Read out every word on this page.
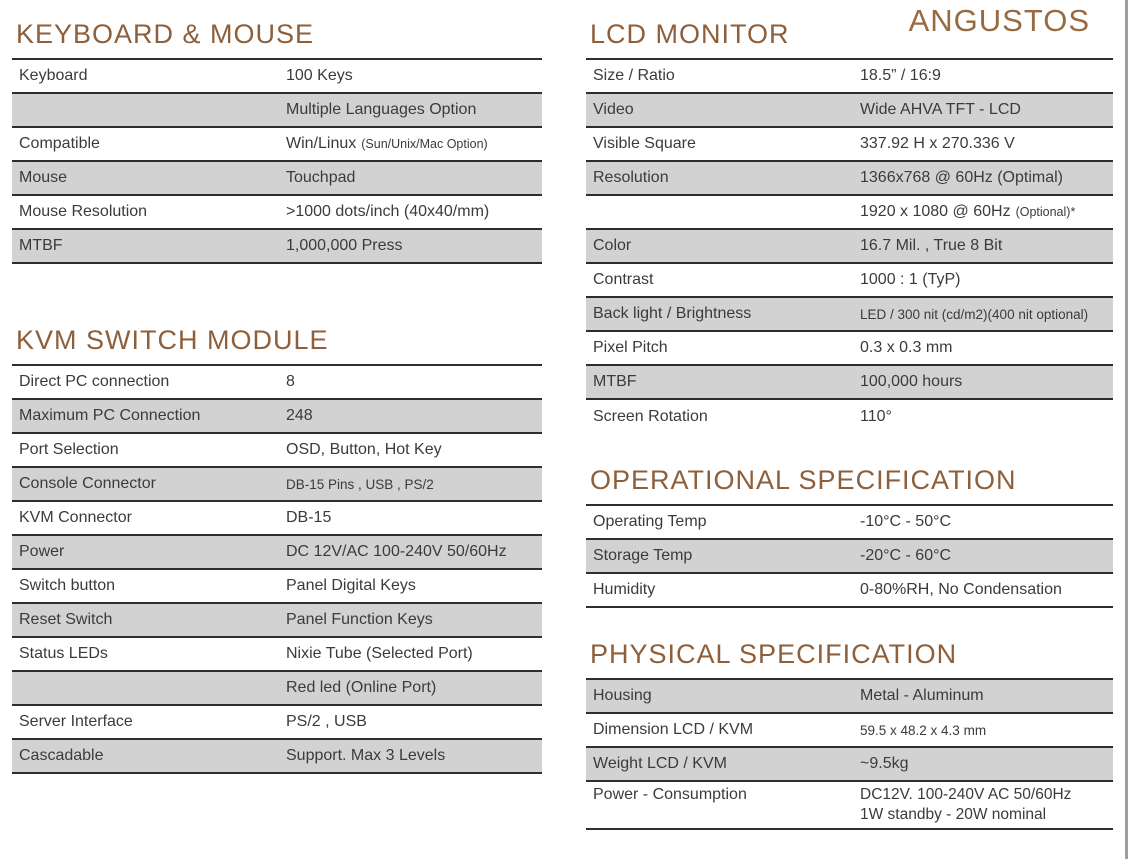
ANGUSTOS
KEYBOARD & MOUSE
Keyboard	100 Keys
Multiple Languages Option
Compatible	Win/Linux (Sun/Unix/Mac Option)
Mouse	Touchpad
Mouse Resolution	>1000 dots/inch (40x40/mm)
MTBF	1,000,000 Press
KVM SWITCH MODULE
Direct PC connection	8
Maximum PC Connection	248
Port Selection	OSD, Button, Hot Key
Console Connector	DB-15 Pins , USB , PS/2
KVM Connector	DB-15
Power	DC 12V/AC 100-240V 50/60Hz
Switch button	Panel Digital Keys
Reset Switch	Panel Function Keys
Status LEDs	Nixie Tube (Selected Port)
Red led (Online Port)
Server Interface	PS/2 , USB
Cascadable	Support. Max 3 Levels
LCD MONITOR
Size / Ratio	18.5” / 16:9
Video	Wide AHVA TFT - LCD
Visible Square	337.92 H x 270.336 V
Resolution	1366x768 @ 60Hz (Optimal)
1920 x 1080 @ 60Hz (Optional)*
Color	16.7 Mil. , True 8 Bit
Contrast	1000 : 1 (TyP)
Back light / Brightness	LED / 300 nit (cd/m2)(400 nit optional)
Pixel Pitch	0.3 x 0.3 mm
MTBF	100,000 hours
Screen Rotation	110°
OPERATIONAL SPECIFICATION
Operating Temp	-10°C - 50°C
Storage Temp	-20°C - 60°C
Humidity	0-80%RH, No Condensation
PHYSICAL SPECIFICATION
Housing	Metal - Aluminum
Dimension LCD / KVM	59.5 x 48.2 x 4.3 mm
Weight LCD / KVM	~9.5kg
Power - Consumption	DC12V. 100-240V AC 50/60Hz
1W standby - 20W nominal
